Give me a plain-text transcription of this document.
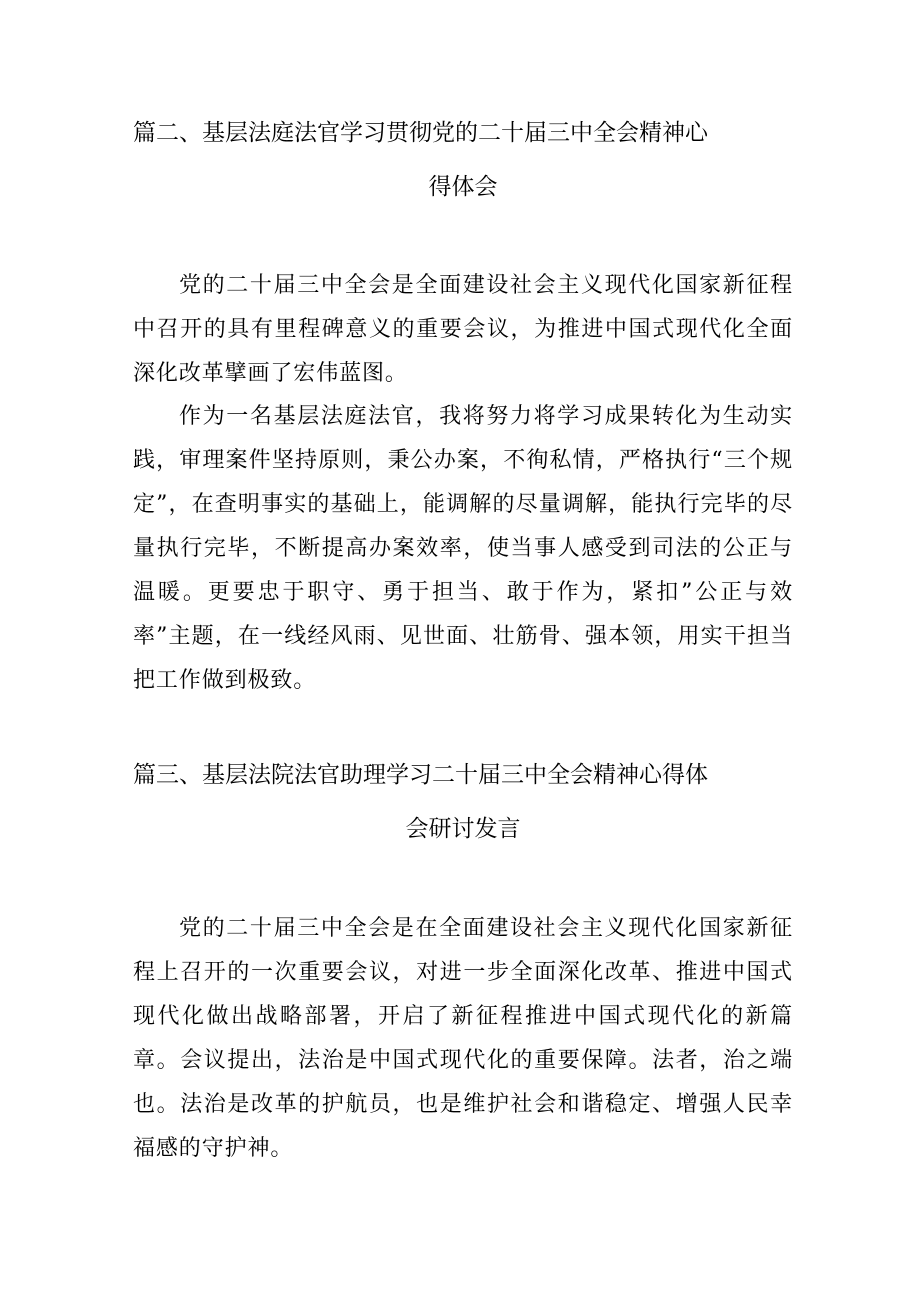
篇二、基层法庭法官学习贯彻党的二十届三中全会精神心
得体会

党的二十届三中全会是全面建设社会主义现代化国家新征程中召开的具有里程碑意义的重要会议，为推进中国式现代化全面深化改革擘画了宏伟蓝图。

作为一名基层法庭法官，我将努力将学习成果转化为生动实践，审理案件坚持原则，秉公办案，不徇私情，严格执行“三个规定”，在查明事实的基础上，能调解的尽量调解，能执行完毕的尽量执行完毕，不断提高办案效率，使当事人感受到司法的公正与温暖。更要忠于职守、勇于担当、敢于作为，紧扣”公正与效率”主题，在一线经风雨、见世面、壮筋骨、强本领，用实干担当把工作做到极致。

篇三、基层法院法官助理学习二十届三中全会精神心得体
会研讨发言

党的二十届三中全会是在全面建设社会主义现代化国家新征程上召开的一次重要会议，对进一步全面深化改革、推进中国式现代化做出战略部署，开启了新征程推进中国式现代化的新篇章。会议提出，法治是中国式现代化的重要保障。法者，治之端也。法治是改革的护航员，也是维护社会和谐稳定、增强人民幸福感的守护神。
